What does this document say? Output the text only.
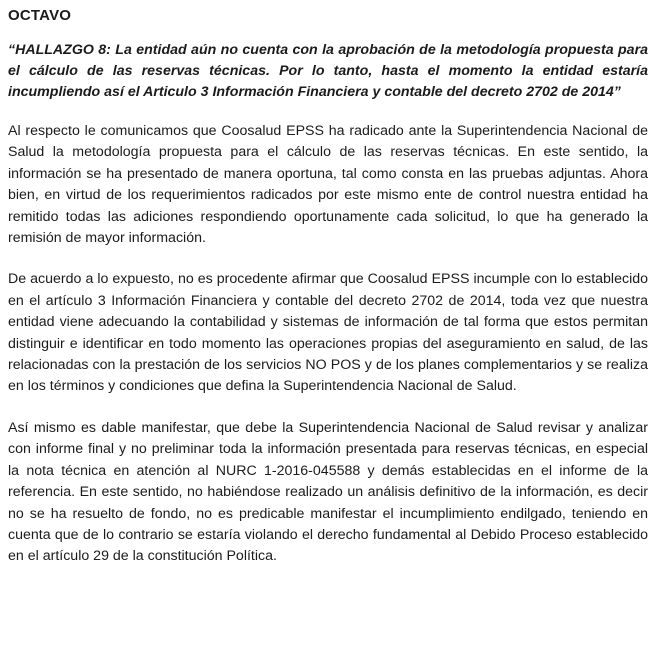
OCTAVO
“HALLAZGO 8: La entidad aún no cuenta con la aprobación de la metodología propuesta para el cálculo de las reservas técnicas. Por lo tanto, hasta el momento la entidad estaría incumpliendo así el Articulo 3 Información Financiera y contable del decreto 2702 de 2014”
Al respecto le comunicamos que Coosalud EPSS ha radicado ante la Superintendencia Nacional de Salud la metodología propuesta para el cálculo de las reservas técnicas. En este sentido, la información se ha presentado de manera oportuna, tal como consta en las pruebas adjuntas. Ahora bien, en virtud de los requerimientos radicados por este mismo ente de control nuestra entidad ha remitido todas las adiciones respondiendo oportunamente cada solicitud, lo que ha generado la remisión de mayor información.
De acuerdo a lo expuesto, no es procedente afirmar que Coosalud EPSS incumple con lo establecido en el artículo 3 Información Financiera y contable del decreto 2702 de 2014, toda vez que nuestra entidad viene adecuando la contabilidad y sistemas de información de tal forma que estos permitan distinguir e identificar en todo momento las operaciones propias del aseguramiento en salud, de las relacionadas con la prestación de los servicios NO POS y de los planes complementarios y se realiza en los términos y condiciones que defina la Superintendencia Nacional de Salud.
Así mismo es dable manifestar, que debe la Superintendencia Nacional de Salud revisar y analizar con informe final y no preliminar toda la información presentada para reservas técnicas, en especial la nota técnica en atención al NURC 1-2016-045588 y demás establecidas en el informe de la referencia. En este sentido, no habiéndose realizado un análisis definitivo de la información, es decir no se ha resuelto de fondo, no es predicable manifestar el incumplimiento endilgado, teniendo en cuenta que de lo contrario se estaría violando el derecho fundamental al Debido Proceso establecido en el artículo 29 de la constitución Política.
